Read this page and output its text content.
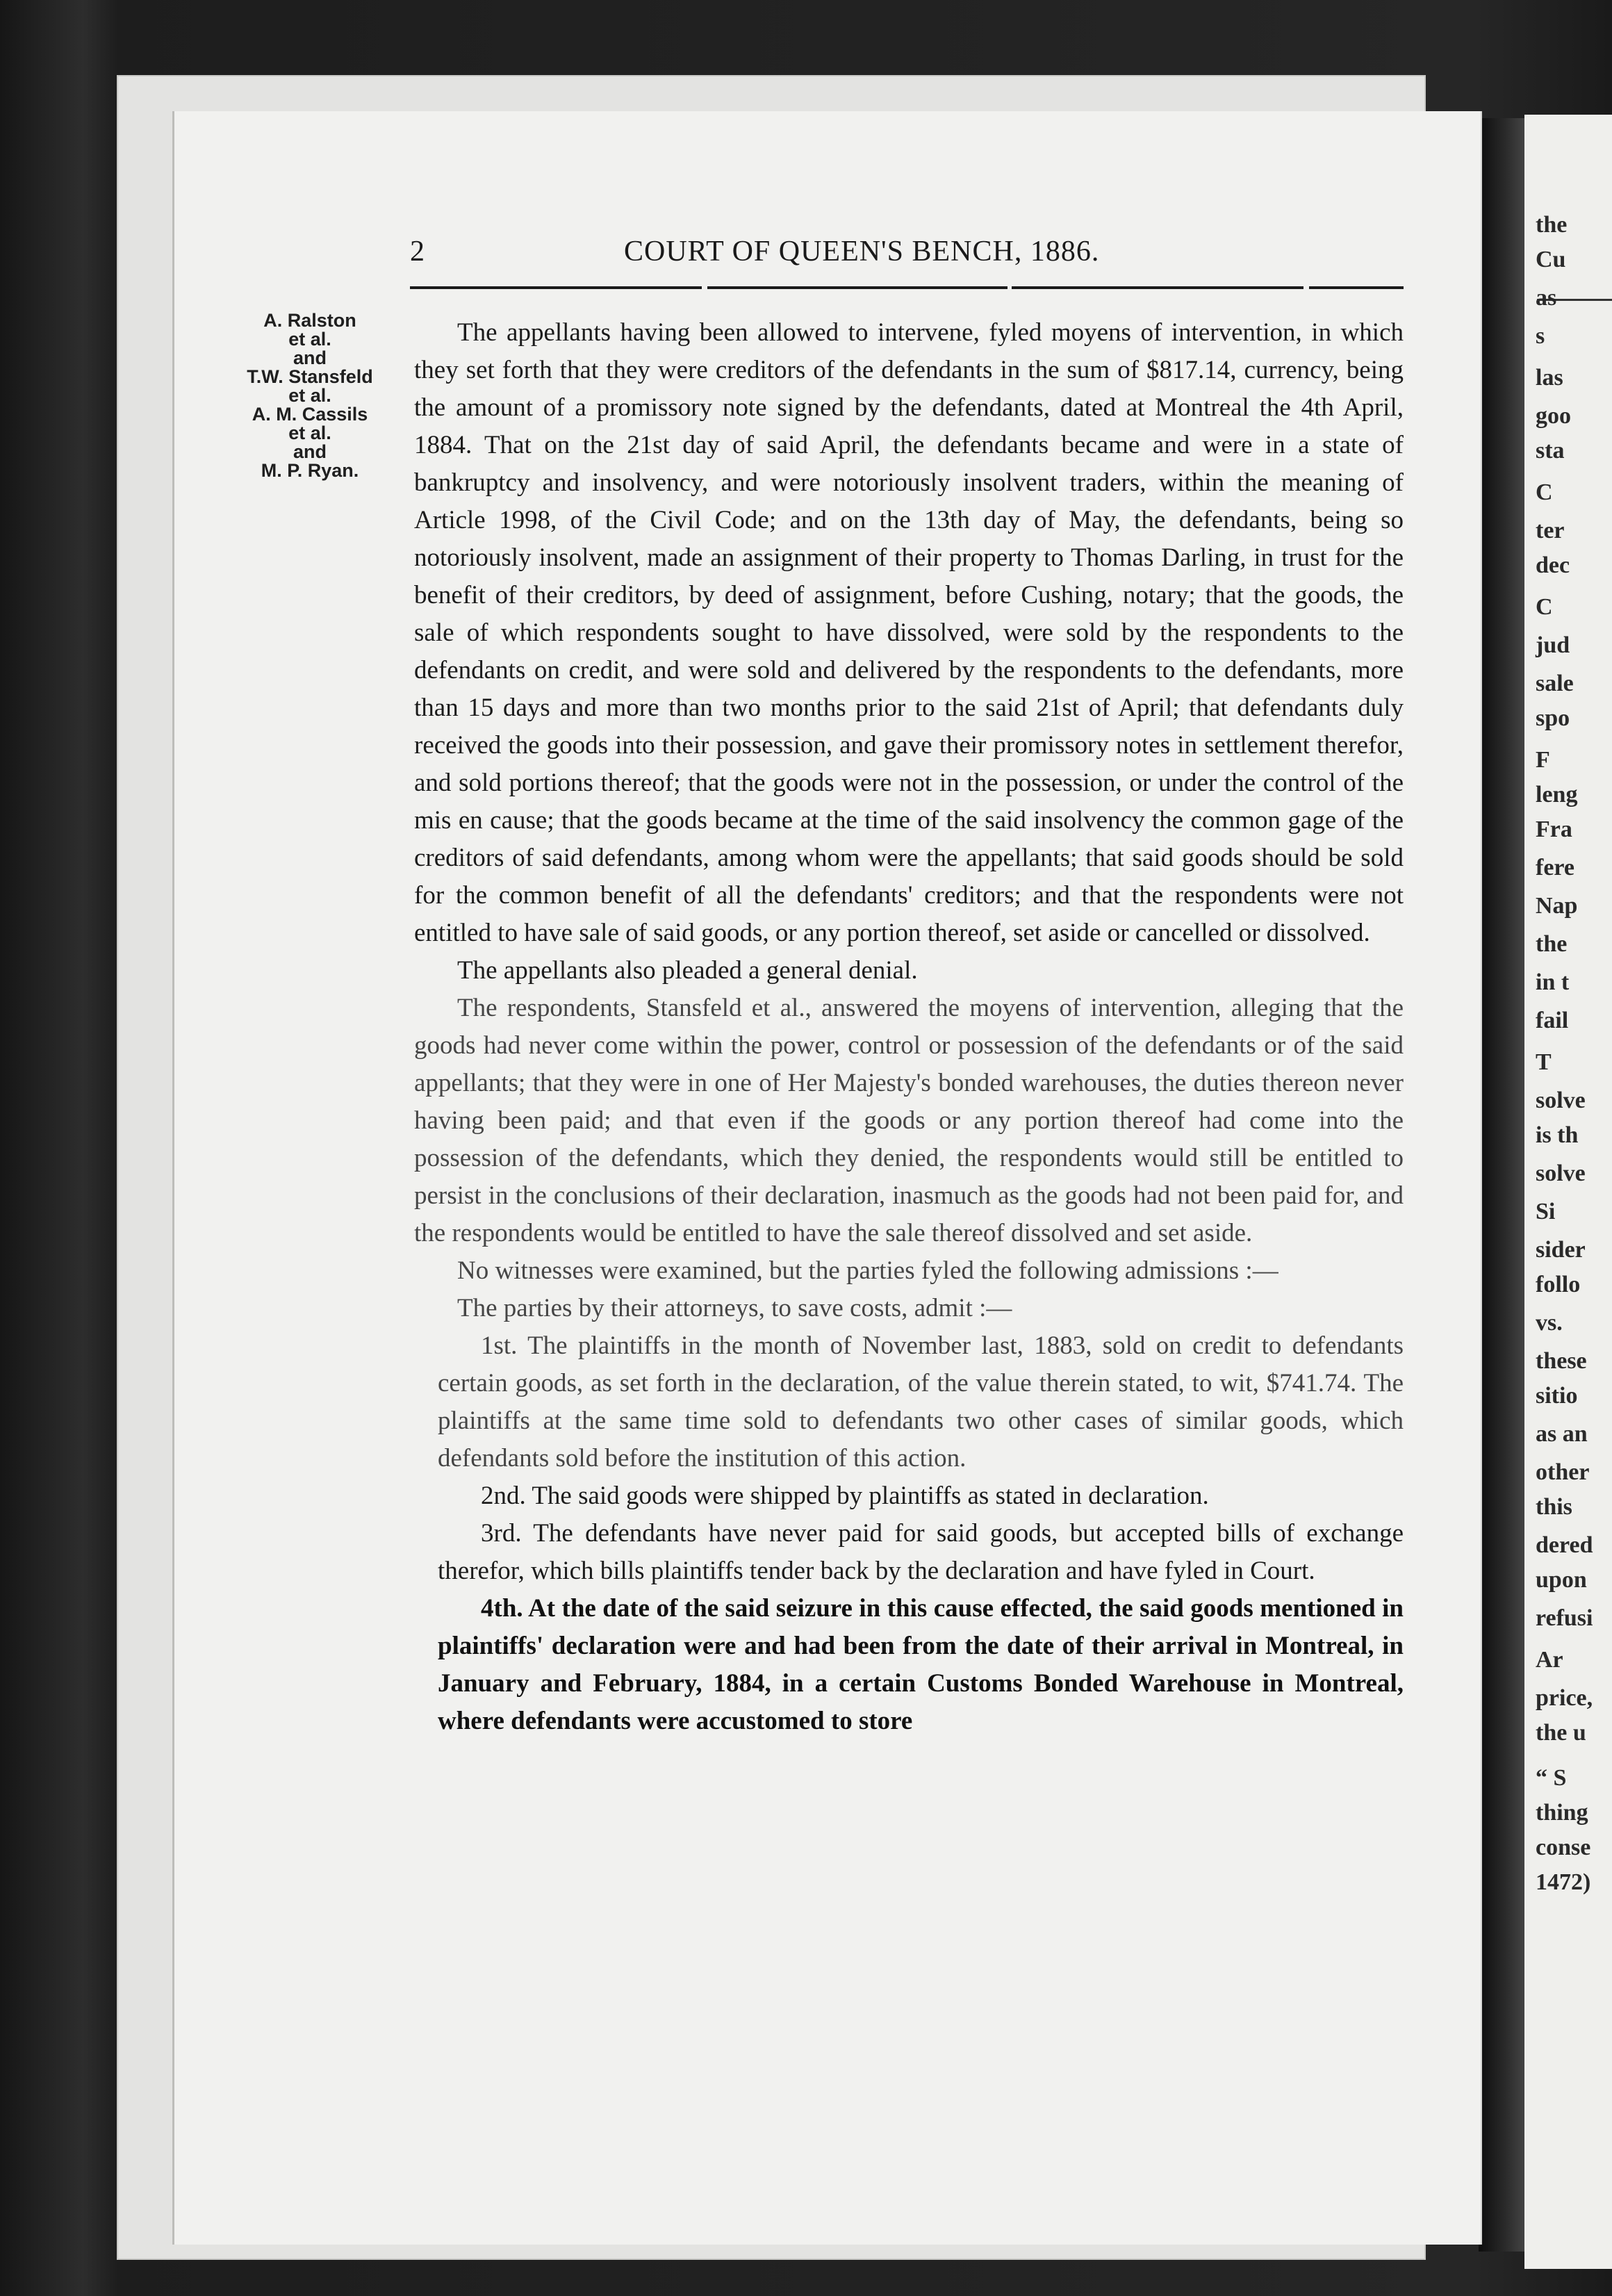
the
Cu
as
s
las
goo
sta
C
ter
dec
C
jud
sale
spo
F
leng
Fra
fere
Nap
the
in t
fail
T
solve
is th
solve
Si
sider
follo
vs.
these
sitio
as an
other
this
dered
upon
refusi
Ar
price,
the u
“ S
thing
conse
1472)
2	COURT OF QUEEN'S BENCH, 1886.
A. Ralston
et al.
and
T.W. Stansfeld
et al.
A. M. Cassils
et al.
and
M. P. Ryan.

The appellants having been allowed to intervene, fyled moyens of intervention, in which they set forth that they were creditors of the defendants in the sum of $817.14, currency, being the amount of a promissory note signed by the defendants, dated at Montreal the 4th April, 1884. That on the 21st day of said April, the defendants became and were in a state of bankruptcy and insolvency, and were notoriously insolvent traders, within the meaning of Article 1998, of the Civil Code; and on the 13th day of May, the defendants, being so notoriously insolvent, made an assignment of their property to Thomas Darling, in trust for the benefit of their creditors, by deed of assignment, before Cushing, notary; that the goods, the sale of which respondents sought to have dissolved, were sold by the respondents to the defendants on credit, and were sold and delivered by the respondents to the defendants, more than 15 days and more than two months prior to the said 21st of April; that defendants duly received the goods into their possession, and gave their promissory notes in settlement therefor, and sold portions thereof; that the goods were not in the possession, or under the control of the mis en cause; that the goods became at the time of the said insolvency the common gage of the creditors of said defendants, among whom were the appellants; that said goods should be sold for the common benefit of all the defendants' creditors; and that the respondents were not entitled to have sale of said goods, or any portion thereof, set aside or cancelled or dissolved.

The appellants also pleaded a general denial.

The respondents, Stansfeld et al., answered the moyens of intervention, alleging that the goods had never come within the power, control or possession of the defendants or of the said appellants; that they were in one of Her Majesty's bonded warehouses, the duties thereon never having been paid; and that even if the goods or any portion thereof had come into the possession of the defendants, which they denied, the respondents would still be entitled to persist in the conclusions of their declaration, inasmuch as the goods had not been paid for, and the respondents would be entitled to have the sale thereof dissolved and set aside.

No witnesses were examined, but the parties fyled the following admissions :—

The parties by their attorneys, to save costs, admit :—

1st. The plaintiffs in the month of November last, 1883, sold on credit to defendants certain goods, as set forth in the declaration, of the value therein stated, to wit, $741.74. The plaintiffs at the same time sold to defendants two other cases of similar goods, which defendants sold before the institution of this action.

2nd. The said goods were shipped by plaintiffs as stated in declaration.

3rd. The defendants have never paid for said goods, but accepted bills of exchange therefor, which bills plaintiffs tender back by the declaration and have fyled in Court.

4th. At the date of the said seizure in this cause effected, the said goods mentioned in plaintiffs' declaration were and had been from the date of their arrival in Montreal, in January and February, 1884, in a certain Customs Bonded Warehouse in Montreal, where defendants were accustomed to store
